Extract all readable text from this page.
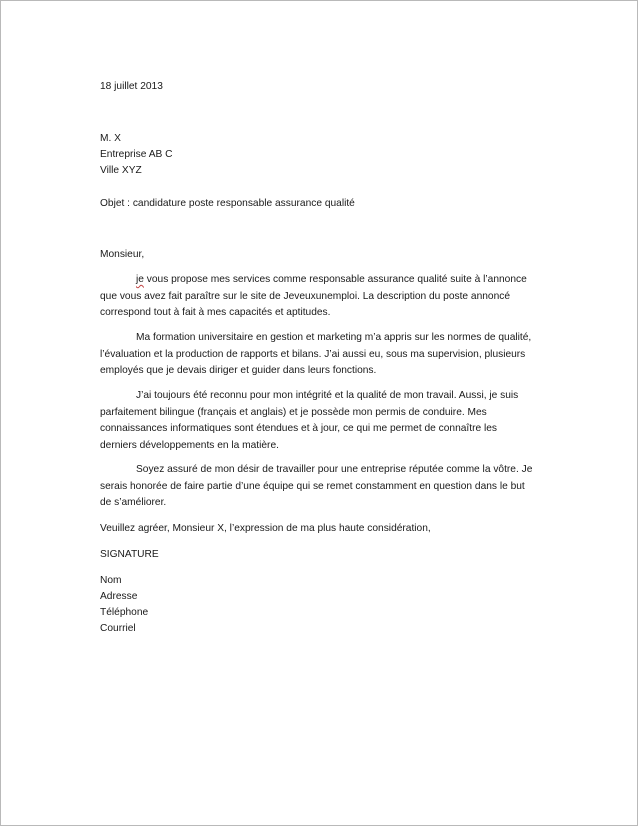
18 juillet 2013
M. X
Entreprise AB C
Ville XYZ
Objet : candidature poste responsable assurance qualité
Monsieur,
je vous propose mes services comme responsable assurance qualité suite à l’annonce
que vous avez fait paraître sur le site de Jeveuxunemploi. La description du poste annoncé
correspond tout à fait à mes capacités et aptitudes.
Ma formation universitaire en gestion et marketing m’a appris sur les normes de qualité,
l’évaluation et la production de rapports et bilans. J’ai aussi eu, sous ma supervision, plusieurs
employés que je devais diriger et guider dans leurs fonctions.
J’ai toujours été reconnu pour mon intégrité et la qualité de mon travail. Aussi, je suis
parfaitement bilingue (français et anglais) et je possède mon permis de conduire. Mes
connaissances informatiques sont étendues et à jour, ce qui me permet de connaître les
derniers développements en la matière.
Soyez assuré de mon désir de travailler pour une entreprise réputée comme la vôtre. Je
serais honorée de faire partie d’une équipe qui se remet constamment en question dans le but
de s’améliorer.
Veuillez agréer, Monsieur X, l’expression de ma plus haute considération,
SIGNATURE
Nom
Adresse
Téléphone
Courriel
